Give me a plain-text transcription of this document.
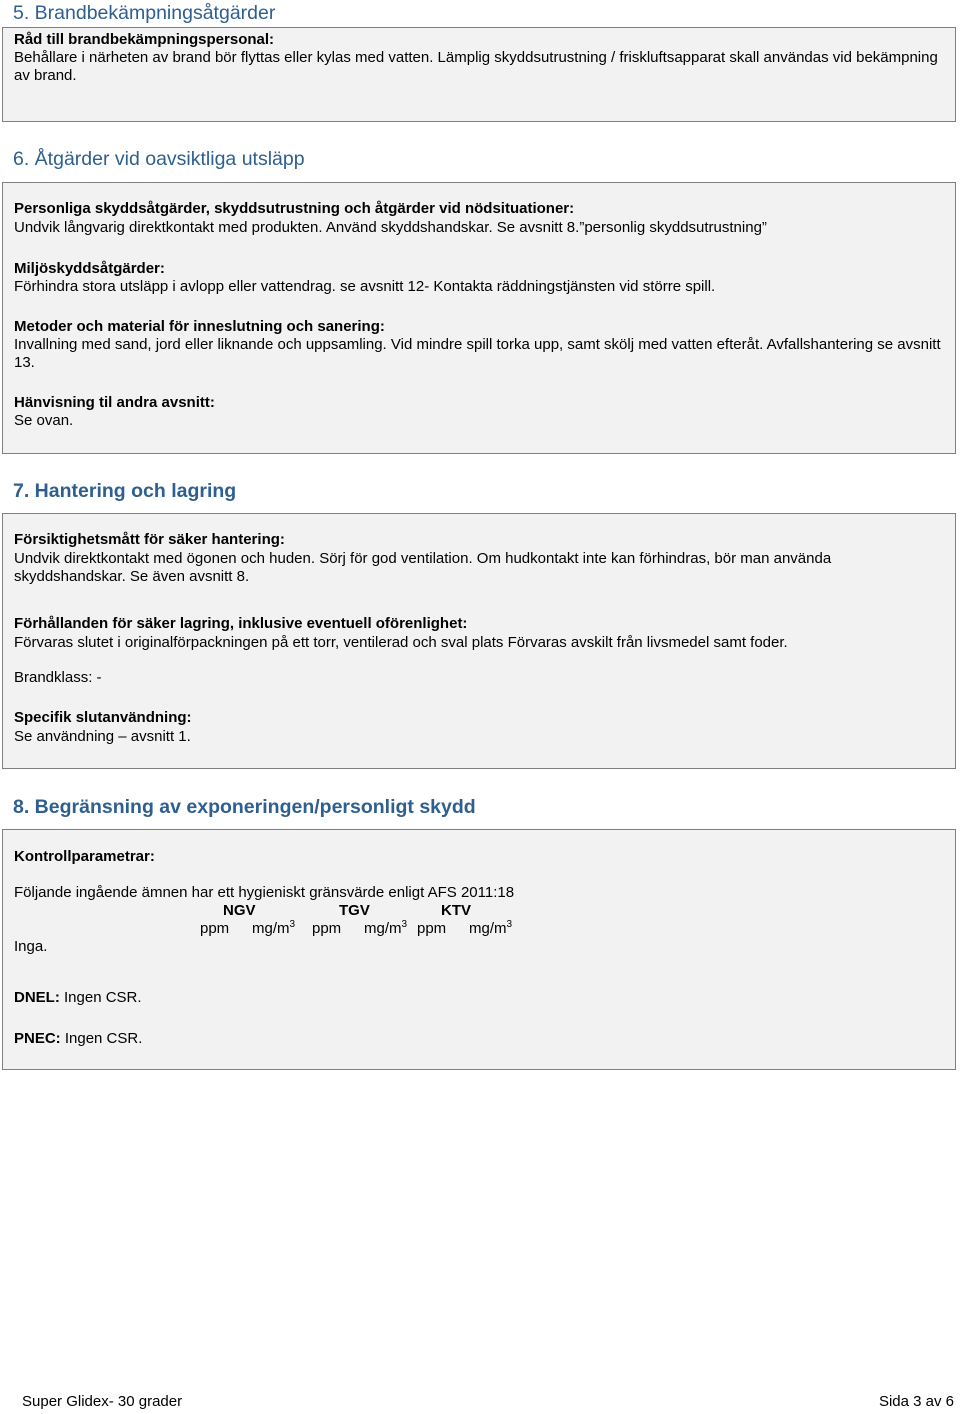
5. Brandbekämpningsåtgärder

Råd till brandbekämpningspersonal:

Behållare i närheten av brand bör flyttas eller kylas med vatten. Lämplig skyddsutrustning / friskluftsapparat skall användas vid bekämpning av brand.

6. Åtgärder vid oavsiktliga utsläpp

Personliga skyddsåtgärder, skyddsutrustning och åtgärder vid nödsituationer:

Undvik långvarig direktkontakt med produkten. Använd skyddshandskar. Se avsnitt 8.”personlig skyddsutrustning”

Miljöskyddsåtgärder:

Förhindra stora utsläpp i avlopp eller vattendrag. se avsnitt 12- Kontakta räddningstjänsten vid större spill.

Metoder och material för inneslutning och sanering:

Invallning med sand, jord eller liknande och uppsamling. Vid mindre spill torka upp, samt skölj med vatten efteråt. Avfallshantering se avsnitt 13.

Hänvisning til andra avsnitt:

Se ovan.

7. Hantering och lagring

Försiktighetsmått för säker hantering:

Undvik direktkontakt med ögonen och huden. Sörj för god ventilation. Om hudkontakt inte kan förhindras, bör man använda skyddshandskar. Se även avsnitt 8.

Förhållanden för säker lagring, inklusive eventuell oförenlighet:

Förvaras slutet i originalförpackningen på ett torr, ventilerad och sval plats Förvaras avskilt från livsmedel samt foder.

Brandklass: -

Specifik slutanvändning:

Se användning – avsnitt 1.

8. Begränsning av exponeringen/personligt skydd

Kontrollparametrar:

Följande ingående ämnen har ett hygieniskt gränsvärde enligt AFS 2011:18

NGV	TGV	KTV
ppm $mg/m^3$ ppm $mg/m^3$ ppm $mg/m^3$

Inga.

DNEL: Ingen CSR.

PNEC: Ingen CSR.

Super Glidex- 30 grader	Sida 3 av 6
